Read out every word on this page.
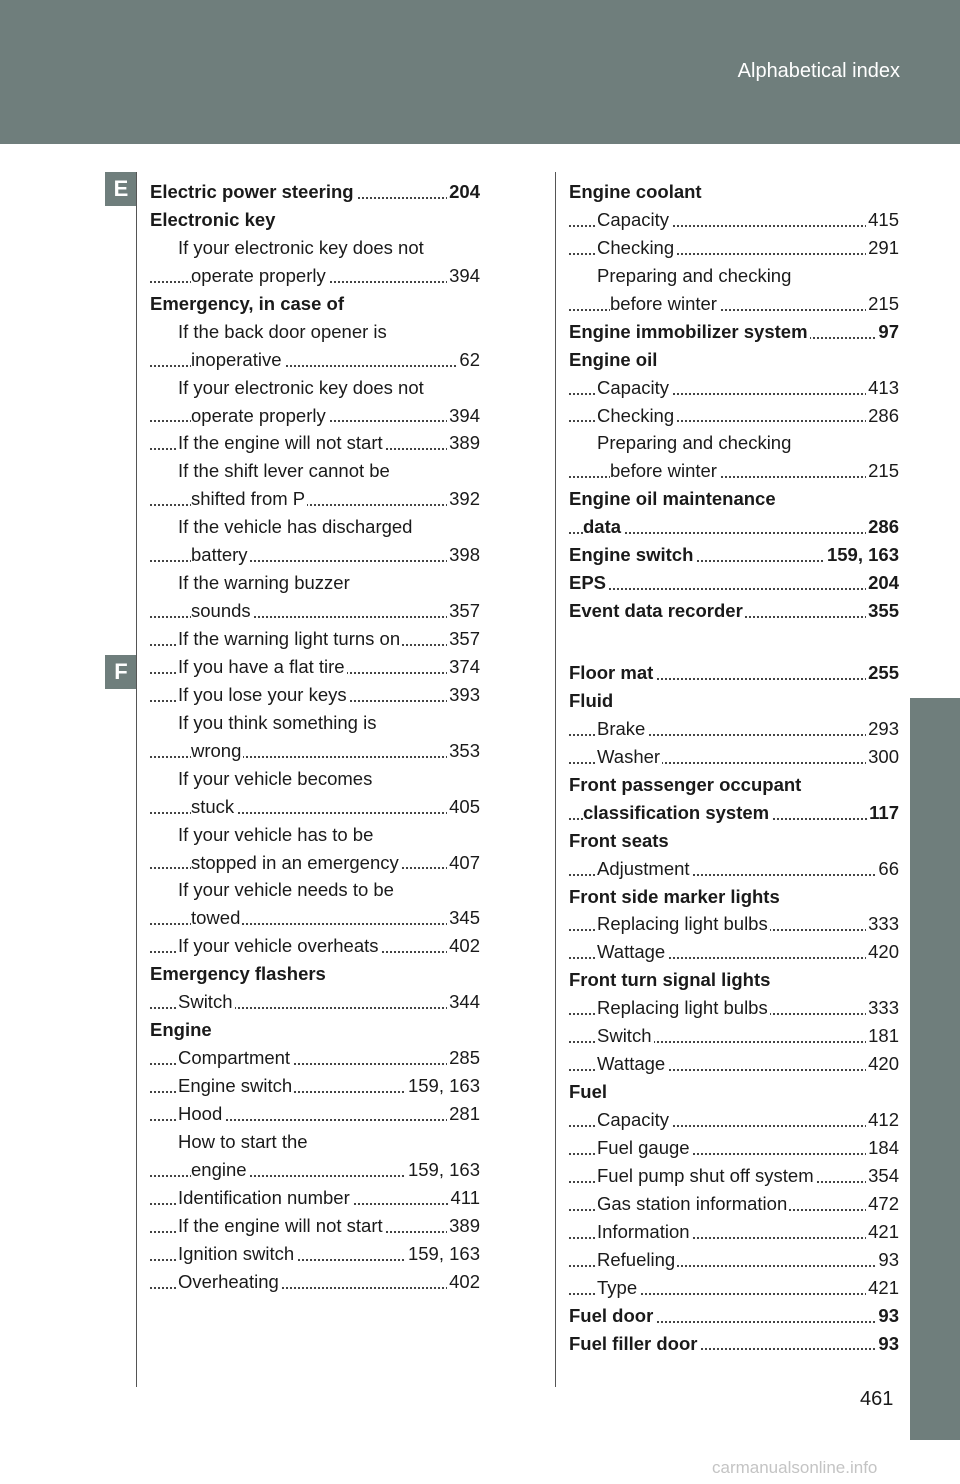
Alphabetical index
E
F
Electric power steering	204
Electronic key
If your electronic key does not
operate properly	394
Emergency, in case of
If the back door opener is
inoperative	62
If your electronic key does not
operate properly	394
If the engine will not start	389
If the shift lever cannot be
shifted from P	392
If the vehicle has discharged
battery	398
If the warning buzzer
sounds	357
If the warning light turns on	357
If you have a flat tire	374
If you lose your keys	393
If you think something is
wrong	353
If your vehicle becomes
stuck	405
If your vehicle has to be
stopped in an emergency	407
If your vehicle needs to be
towed	345
If your vehicle overheats	402
Emergency flashers
Switch	344
Engine
Compartment	285
Engine switch	159, 163
Hood	281
How to start the
engine	159, 163
Identification number	411
If the engine will not start	389
Ignition switch	159, 163
Overheating	402
Engine coolant
Capacity	415
Checking	291
Preparing and checking
before winter	215
Engine immobilizer system	97
Engine oil
Capacity	413
Checking	286
Preparing and checking
before winter	215
Engine oil maintenance
data	286
Engine switch	159, 163
EPS	204
Event data recorder	355
Floor mat	255
Fluid
Brake	293
Washer	300
Front passenger occupant
classification system	117
Front seats
Adjustment	66
Front side marker lights
Replacing light bulbs	333
Wattage	420
Front turn signal lights
Replacing light bulbs	333
Switch	181
Wattage	420
Fuel
Capacity	412
Fuel gauge	184
Fuel pump shut off system	354
Gas station information	472
Information	421
Refueling	93
Type	421
Fuel door	93
Fuel filler door	93
461
carmanualsonline.info
